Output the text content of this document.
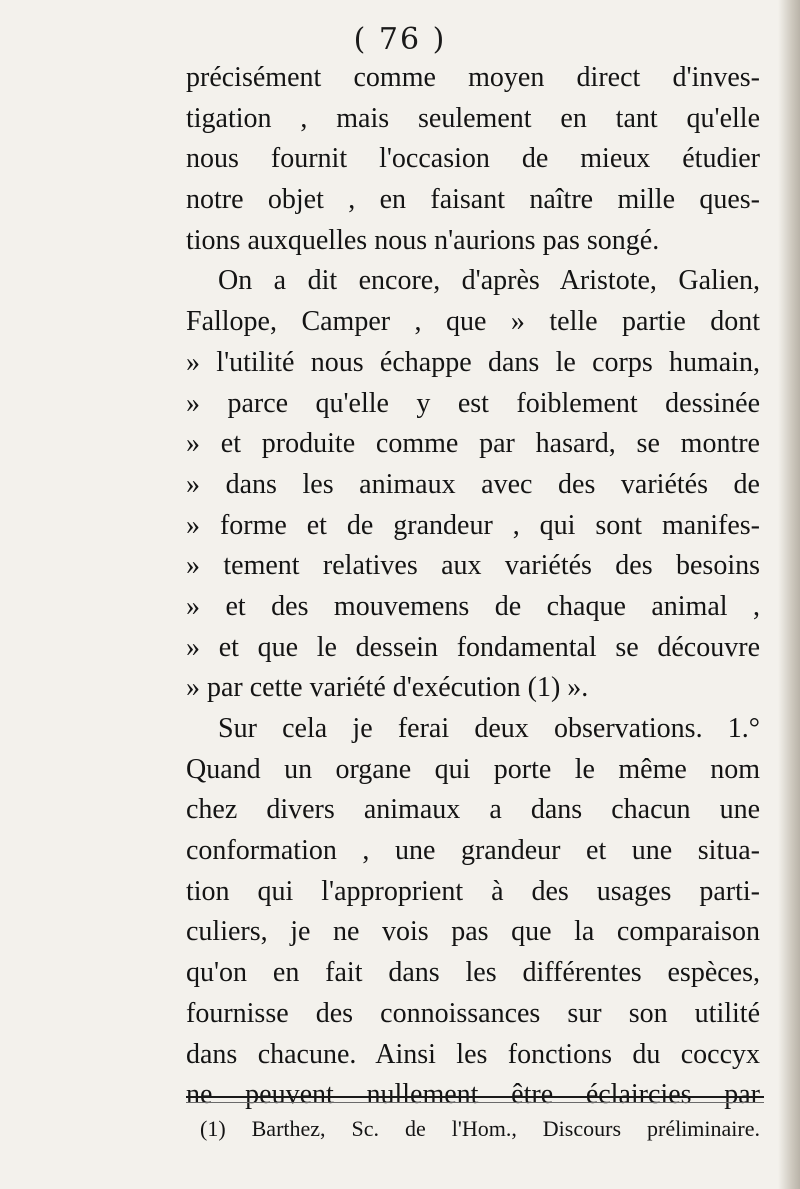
( 76 )
précisément comme moyen direct d'inves-
tigation , mais seulement en tant qu'elle
nous fournit l'occasion de mieux étudier
notre objet , en faisant naître mille ques-
tions auxquelles nous n'aurions pas songé.
On a dit encore, d'après Aristote, Galien,
Fallope, Camper , que » telle partie dont
» l'utilité nous échappe dans le corps humain,
» parce qu'elle y est foiblement dessinée
» et produite comme par hasard, se montre
» dans les animaux avec des variétés de
» forme et de grandeur , qui sont manifes-
» tement relatives aux variétés des besoins
» et des mouvemens de chaque animal ,
» et que le dessein fondamental se découvre
» par cette variété d'exécution (1) ».
Sur cela je ferai deux observations. 1.°
Quand un organe qui porte le même nom
chez divers animaux a dans chacun une
conformation , une grandeur et une situa-
tion qui l'approprient à des usages parti-
culiers, je ne vois pas que la comparaison
qu'on en fait dans les différentes espèces,
fournisse des connoissances sur son utilité
dans chacune. Ainsi les fonctions du coccyx
ne peuvent nullement être éclaircies par
(1) Barthez, Sc. de l'Hom., Discours préliminaire.
